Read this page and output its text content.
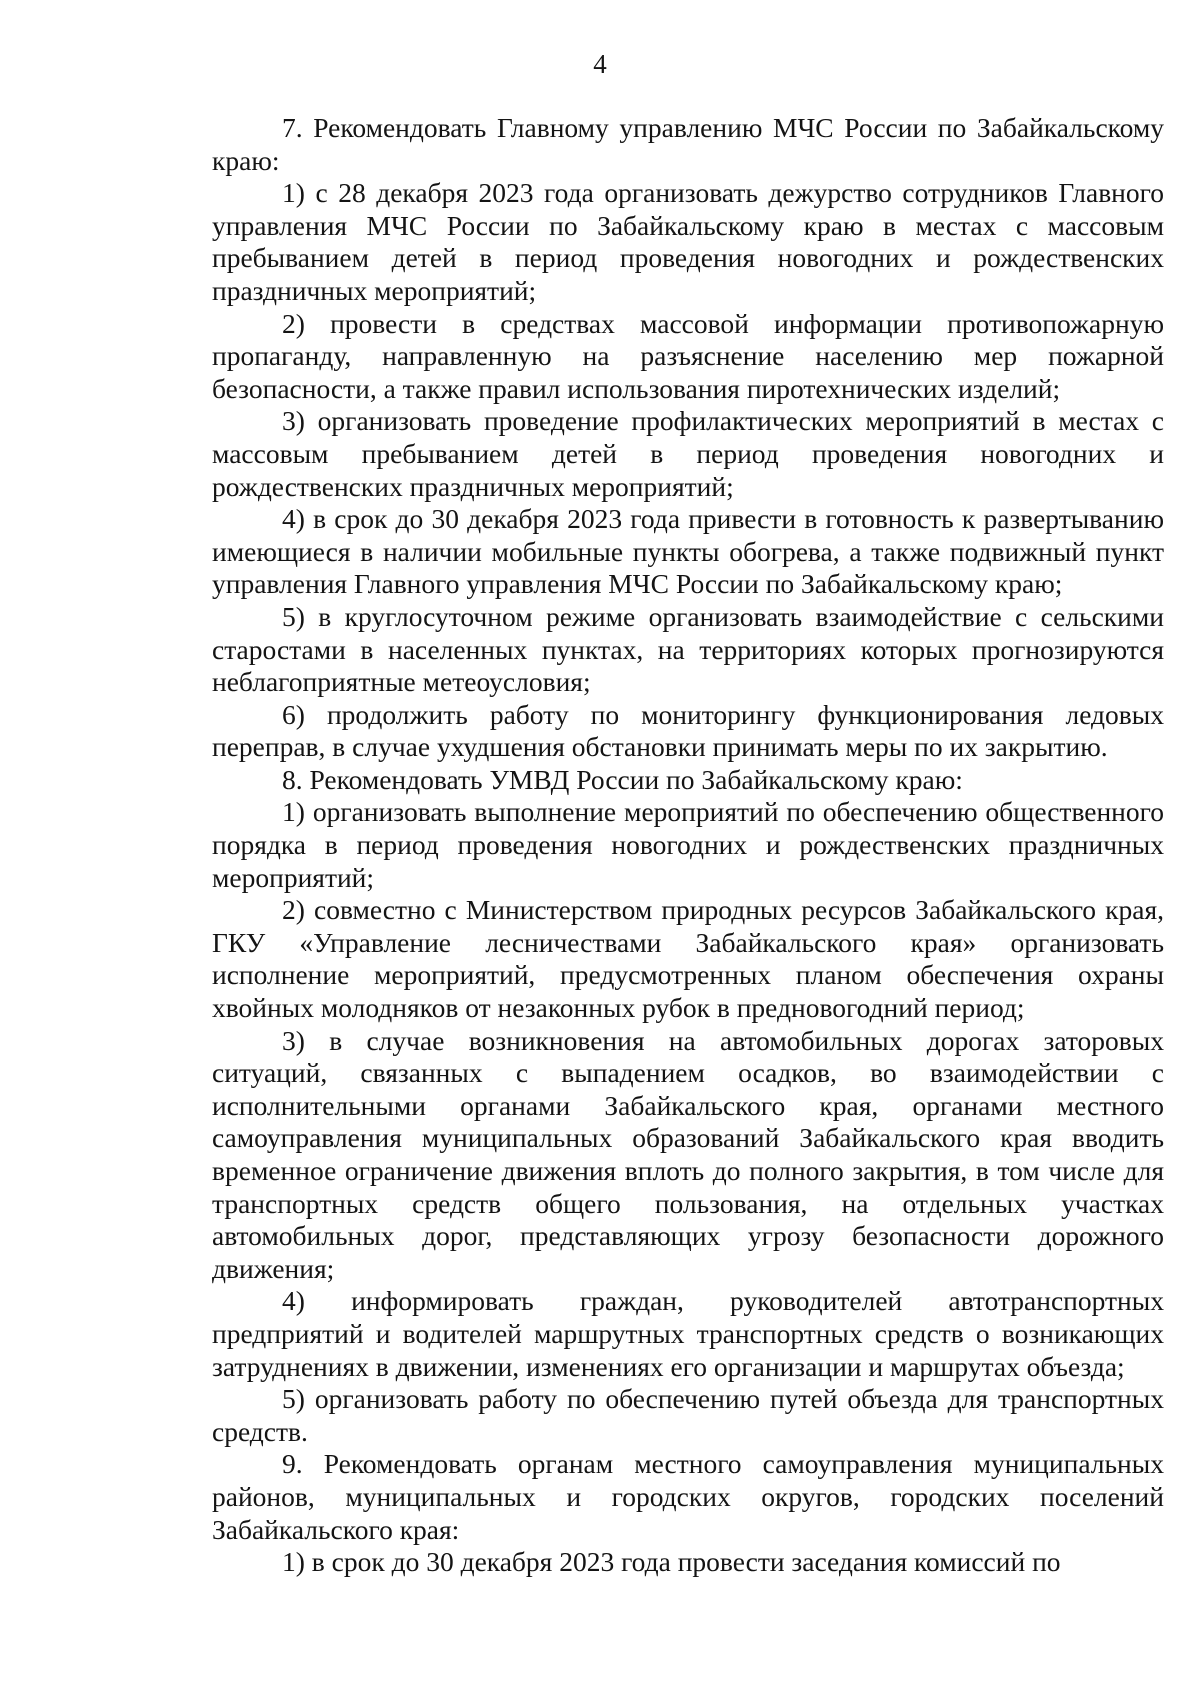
4

7. Рекомендовать Главному управлению МЧС России по Забайкальскому краю:

1) с 28 декабря 2023 года организовать дежурство сотрудников Главного управления МЧС России по Забайкальскому краю в местах с массовым пребыванием детей в период проведения новогодних и рождественских праздничных мероприятий;

2) провести в средствах массовой информации противопожарную пропаганду, направленную на разъяснение населению мер пожарной безопасности, а также правил использования пиротехнических изделий;

3) организовать проведение профилактических мероприятий в местах с массовым пребыванием детей в период проведения новогодних и рождественских праздничных мероприятий;

4) в срок до 30 декабря 2023 года привести в готовность к развертыванию имеющиеся в наличии мобильные пункты обогрева, а также подвижный пункт управления Главного управления МЧС России по Забайкальскому краю;

5) в круглосуточном режиме организовать взаимодействие с сельскими старостами в населенных пунктах, на территориях которых прогнозируются неблагоприятные метеоусловия;

6) продолжить работу по мониторингу функционирования ледовых переправ, в случае ухудшения обстановки принимать меры по их закрытию.

8. Рекомендовать УМВД России по Забайкальскому краю:

1) организовать выполнение мероприятий по обеспечению общественного порядка в период проведения новогодних и рождественских праздничных мероприятий;

2) совместно с Министерством природных ресурсов Забайкальского края, ГКУ «Управление лесничествами Забайкальского края» организовать исполнение мероприятий, предусмотренных планом обеспечения охраны хвойных молодняков от незаконных рубок в предновогодний период;

3) в случае возникновения на автомобильных дорогах заторовых ситуаций, связанных с выпадением осадков, во взаимодействии с исполнительными органами Забайкальского края, органами местного самоуправления муниципальных образований Забайкальского края вводить временное ограничение движения вплоть до полного закрытия, в том числе для транспортных средств общего пользования, на отдельных участках автомобильных дорог, представляющих угрозу безопасности дорожного движения;

4) информировать граждан, руководителей автотранспортных предприятий и водителей маршрутных транспортных средств о возникающих затруднениях в движении, изменениях его организации и маршрутах объезда;

5) организовать работу по обеспечению путей объезда для транспортных средств.

9. Рекомендовать органам местного самоуправления муниципальных районов, муниципальных и городских округов, городских поселений Забайкальского края:

1) в срок до 30 декабря 2023 года провести заседания комиссий по
